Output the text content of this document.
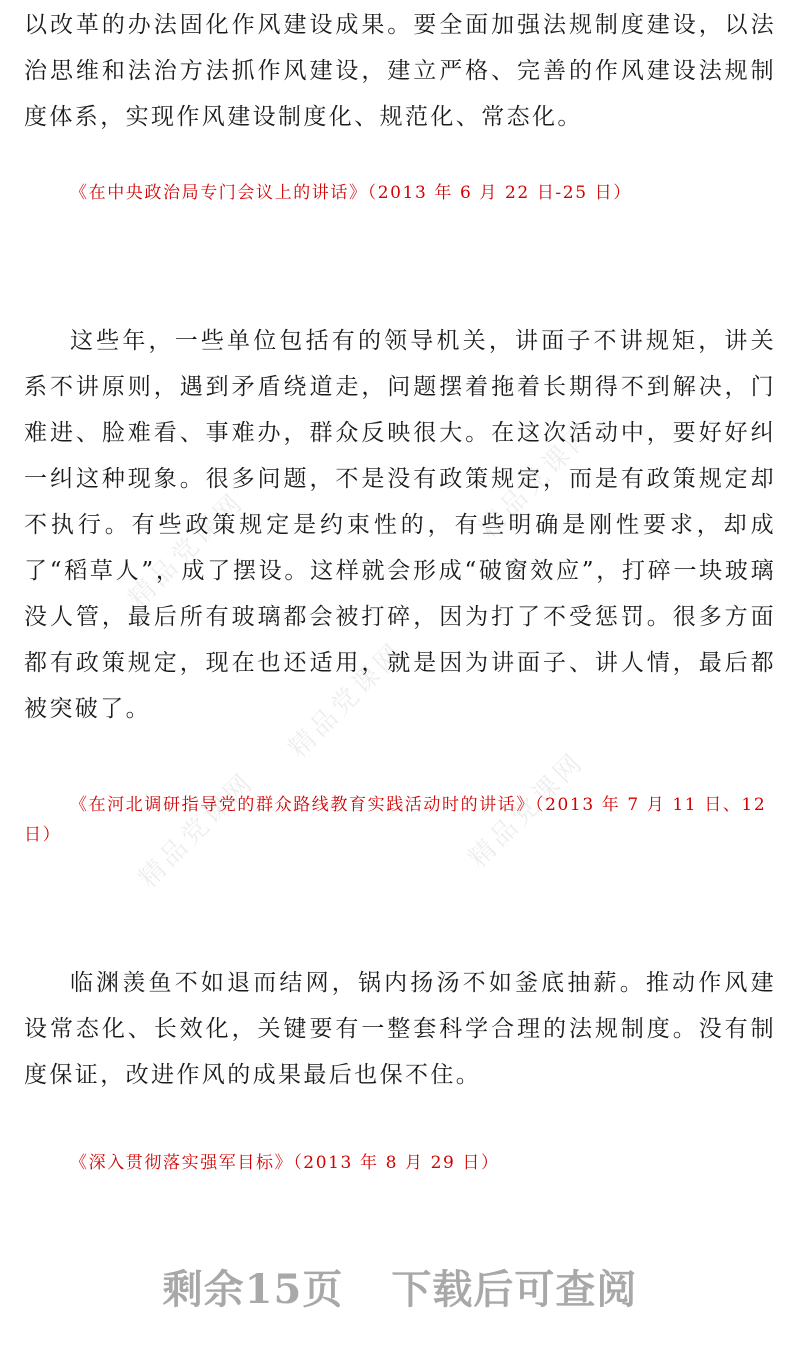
以改革的办法固化作风建设成果。要全面加强法规制度建设，以法治思维和法治方法抓作风建设，建立严格、完善的作风建设法规制度体系，实现作风建设制度化、规范化、常态化。

《在中央政治局专门会议上的讲话》（2013 年 6 月 22 日-25 日）

这些年，一些单位包括有的领导机关，讲面子不讲规矩，讲关系不讲原则，遇到矛盾绕道走，问题摆着拖着长期得不到解决，门难进、脸难看、事难办，群众反映很大。在这次活动中，要好好纠一纠这种现象。很多问题，不是没有政策规定，而是有政策规定却不执行。有些政策规定是约束性的，有些明确是刚性要求，却成了“稻草人”，成了摆设。这样就会形成“破窗效应”，打碎一块玻璃没人管，最后所有玻璃都会被打碎，因为打了不受惩罚。很多方面都有政策规定，现在也还适用，就是因为讲面子、讲人情，最后都被突破了。

《在河北调研指导党的群众路线教育实践活动时的讲话》（2013 年 7 月 11 日、12 日）

临渊羡鱼不如退而结网，锅内扬汤不如釜底抽薪。推动作风建设常态化、长效化，关键要有一整套科学合理的法规制度。没有制度保证，改进作风的成果最后也保不住。

《深入贯彻落实强军目标》（2013 年 8 月 29 日）

精品党课网
精品党课网
精品党课网
精品党课网	精品党课网
剩余15页 下载后可查阅
